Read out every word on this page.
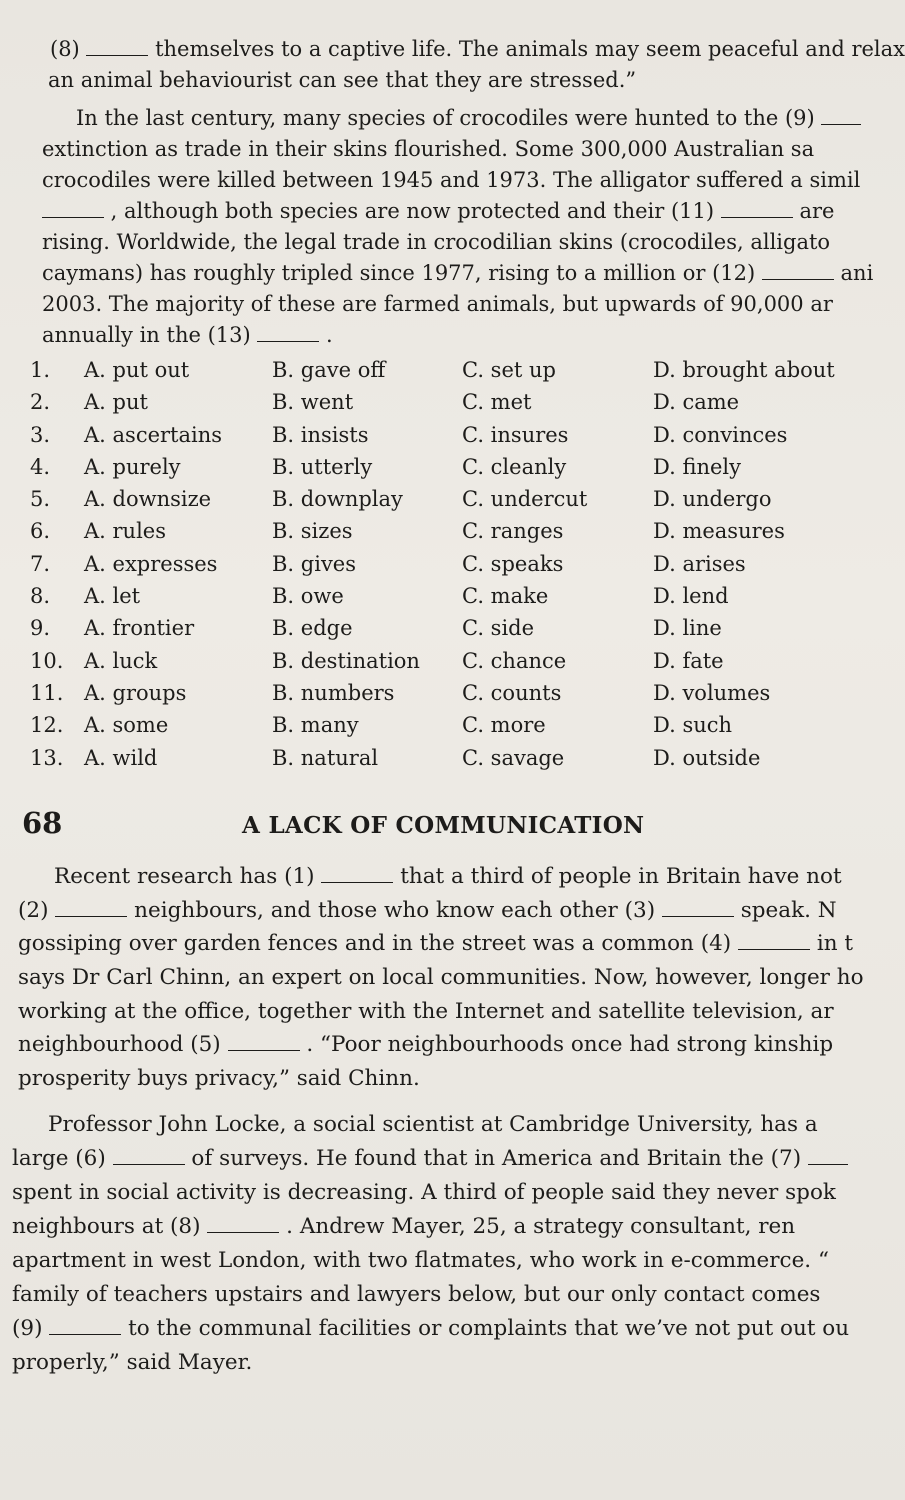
(8)	themselves to a captive life. The animals may seem peaceful and relax
an animal behaviourist can see that they are stressed.”
In the last century, many species of crocodiles were hunted to the (9)
extinction as trade in their skins flourished. Some 300,000 Australian sa
crocodiles were killed between 1945 and 1973. The alligator suffered a simil
, although both species are now protected and their (11)	are
rising. Worldwide, the legal trade in crocodilian skins (crocodiles, alligato
caymans) has roughly tripled since 1977, rising to a million or (12)	ani
2003. The majority of these are farmed animals, but upwards of 90,000 ar
annually in the (13)	.
1. A. put out	B. gave off	C. set up	D. brought about
2. A. put	B. went	C. met	D. came
3. A. ascertains B. insists	C. insures	D. convinces
4. A. purely	B. utterly	C. cleanly	D. finely
5. A. downsize	B. downplay	C. undercut	D. undergo
6. A. rules	B. sizes	C. ranges	D. measures
7. A. expresses	B. gives	C. speaks	D. arises
8. A. let	B. owe	C. make	D. lend
9. A. frontier	B. edge	C. side	D. line
10. A. luck	B. destination C. chance	D. fate
11. A. groups	B. numbers	C. counts	D. volumes
12. A. some	B. many	C. more	D. such
13. A. wild	B. natural	C. savage	D. outside
68	A LACK OF COMMUNICATION
Recent research has (1)	that a third of people in Britain have not
(2)	neighbours, and those who know each other (3)	speak. N
gossiping over garden fences and in the street was a common (4)	in t
says Dr Carl Chinn, an expert on local communities. Now, however, longer ho
working at the office, together with the Internet and satellite television, ar
neighbourhood (5)	. “Poor neighbourhoods once had strong kinship
prosperity buys privacy,” said Chinn.
Professor John Locke, a social scientist at Cambridge University, has a
large (6)	of surveys. He found that in America and Britain the (7)
spent in social activity is decreasing. A third of people said they never spok
neighbours at (8)	. Andrew Mayer, 25, a strategy consultant, ren
apartment in west London, with two flatmates, who work in e-commerce. “
family of teachers upstairs and lawyers below, but our only contact comes
(9)	to the communal facilities or complaints that we’ve not put out ou
properly,” said Mayer.
